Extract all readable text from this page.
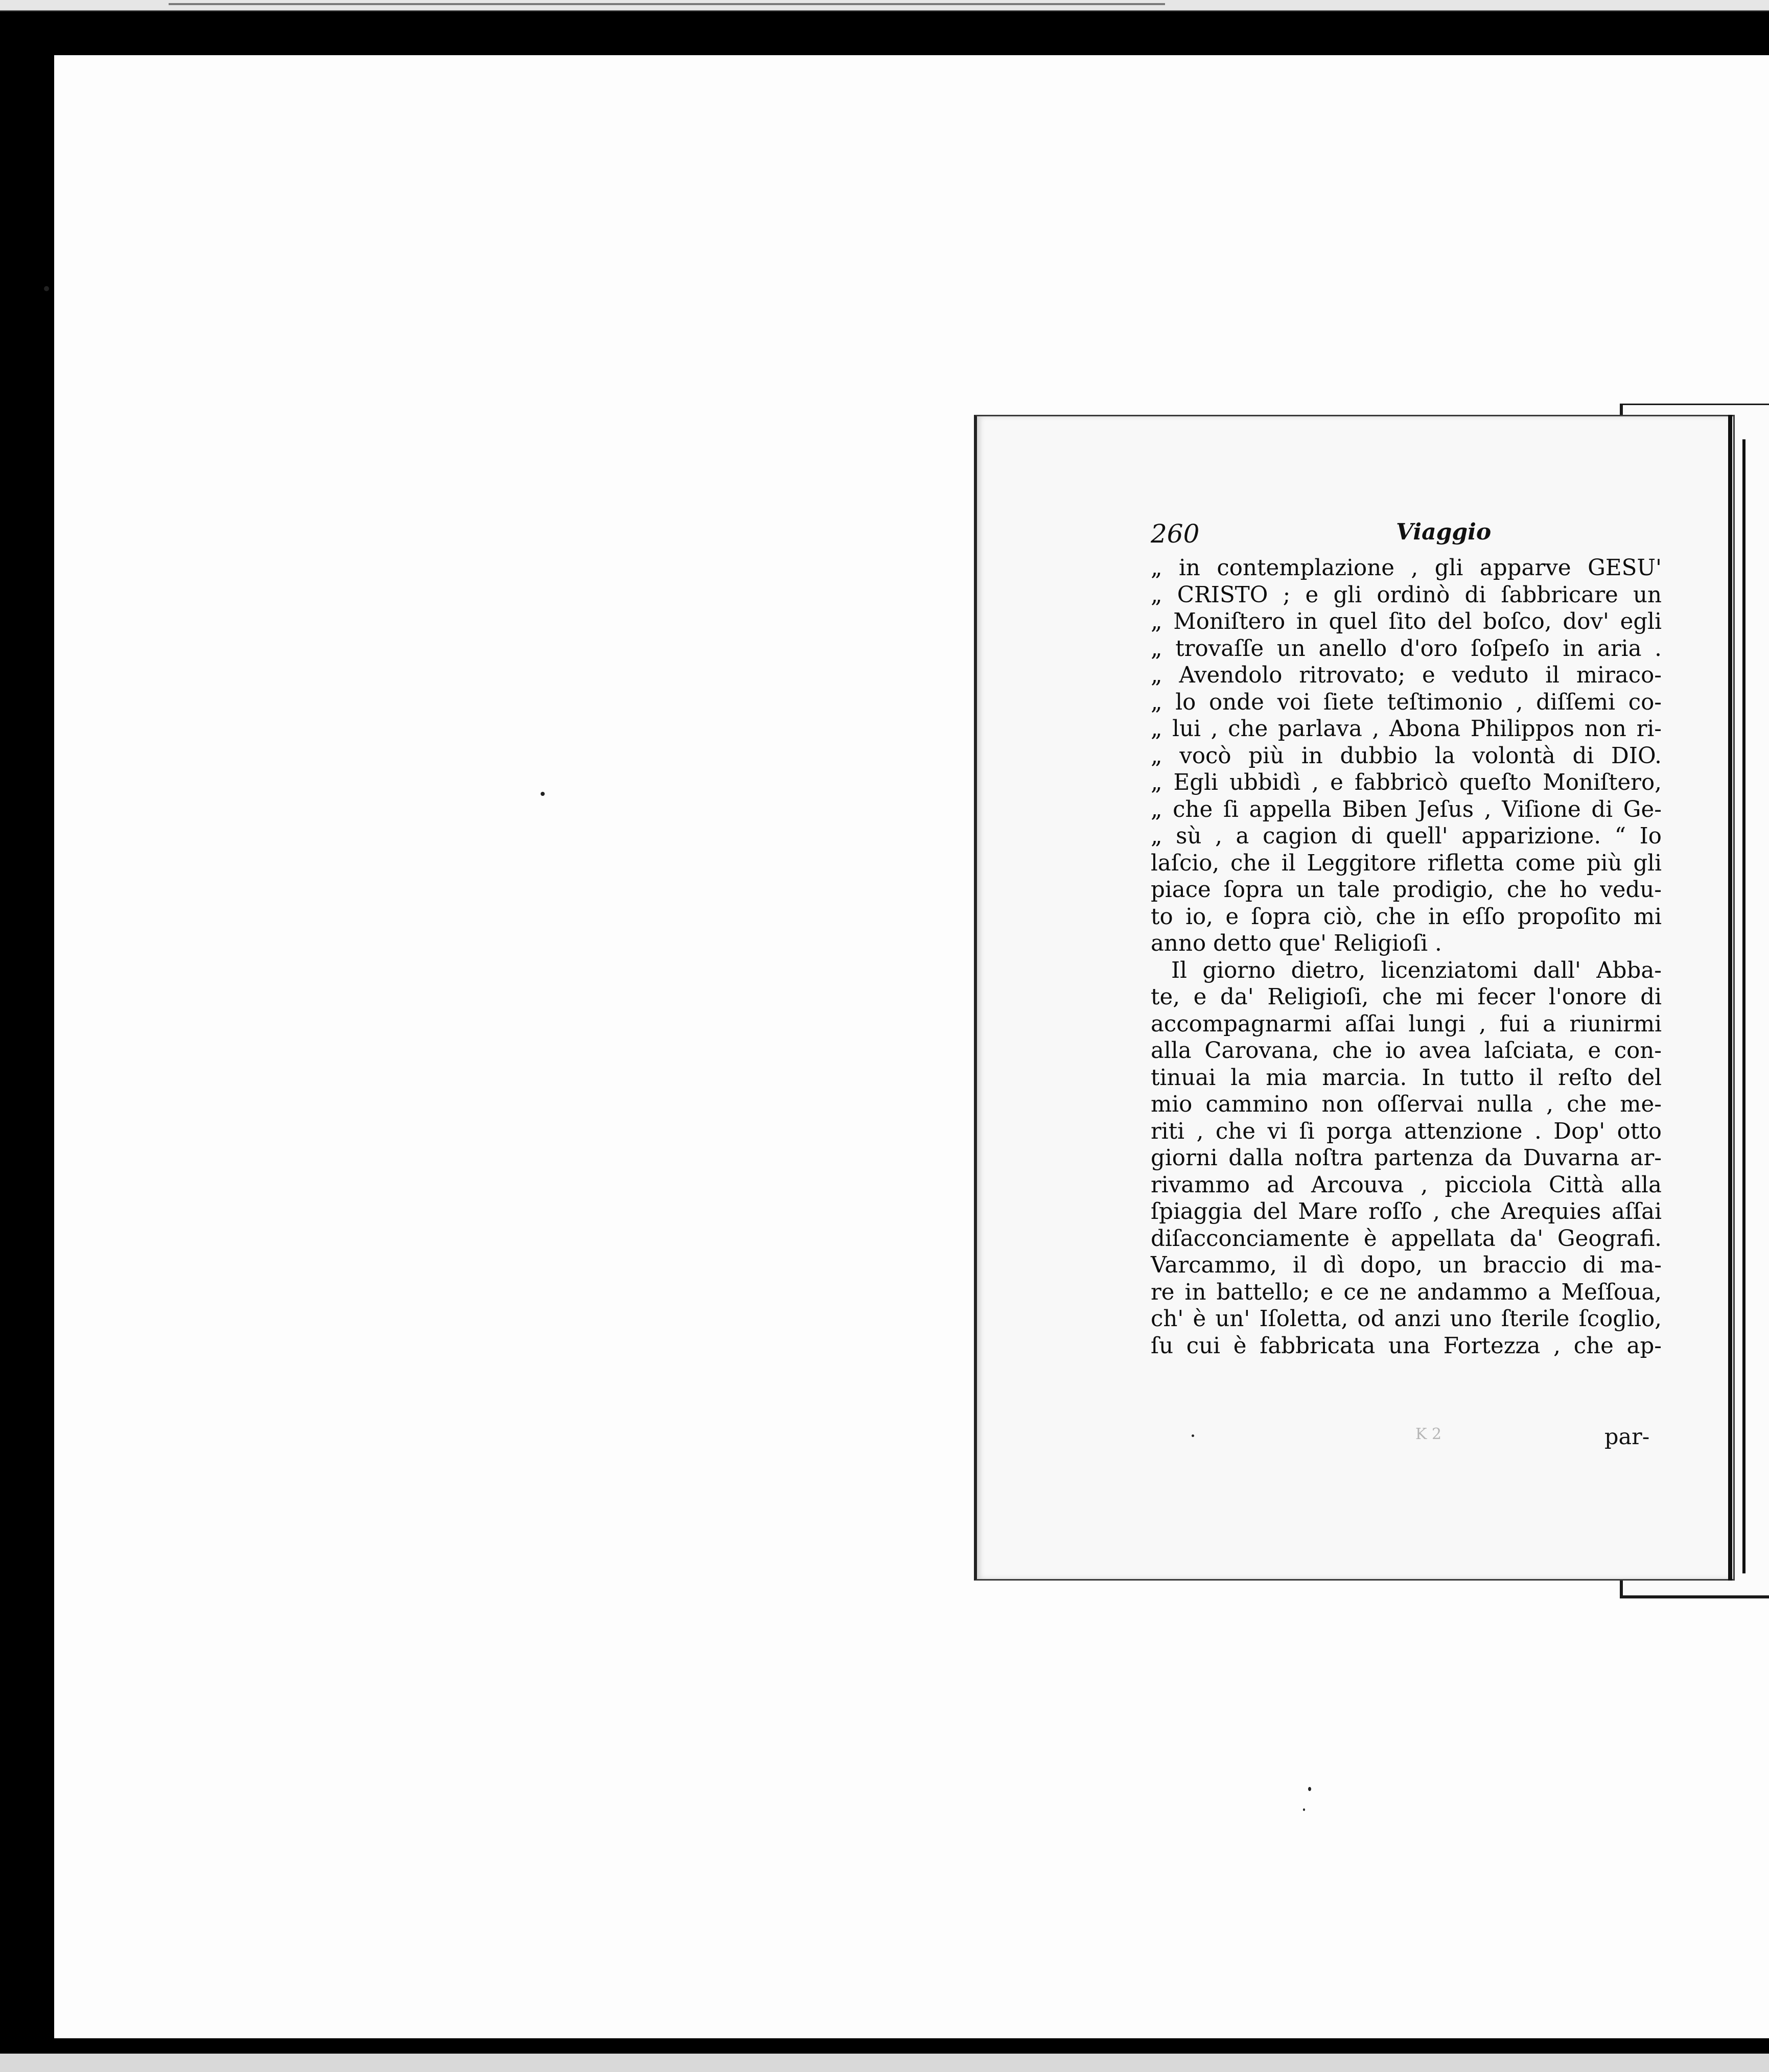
260	Viaggio
„ in contemplazione , gli apparve GESU'
„ CRISTO ; e gli ordinò di ſabbricare un
„ Moniſtero in quel ſito del boſco, dov' egli
„ trovaſſe un anello d'oro ſoſpeſo in aria .
„ Avendolo ritrovato; e veduto il miraco-
„ lo onde voi ſiete teſtimonio , diſſemi co-
„ lui , che parlava , Abona Philippos non ri-
„ vocò più in dubbio la volontà di DIO.
„ Egli ubbidì , e fabbricò queſto Moniſtero,
„ che ſi appella Biben Jeſus , Viſione di Ge-
„ sù , a cagion di quell' apparizione. “ Io
laſcio, che il Leggitore rifletta come più gli
piace ſopra un tale prodigio, che ho vedu-
to io, e ſopra ciò, che in eſſo propoſito mi
anno detto que' Religioſi .
Il giorno dietro, licenziatomi dall' Abba-
te, e da' Religioſi, che mi fecer l'onore di
accompagnarmi aſſai lungi , fui a riunirmi
alla Carovana, che io avea laſciata, e con-
tinuai la mia marcia. In tutto il reſto del
mio cammino non oſſervai nulla , che me-
riti , che vi ſi porga attenzione . Dop' otto
giorni dalla noſtra partenza da Duvarna ar-
rivammo ad Arcouva , picciola Città alla
ſpiaggia del Mare roſſo , che Arequies aſſai
diſacconciamente è appellata da' Geografi.
Varcammo, il dì dopo, un braccio di ma-
re in battello; e ce ne andammo a Meſſoua,
ch' è un' Iſoletta, od anzi uno ſterile ſcoglio,
ſu cui è fabbricata una Fortezza , che ap-
K 2	par-
